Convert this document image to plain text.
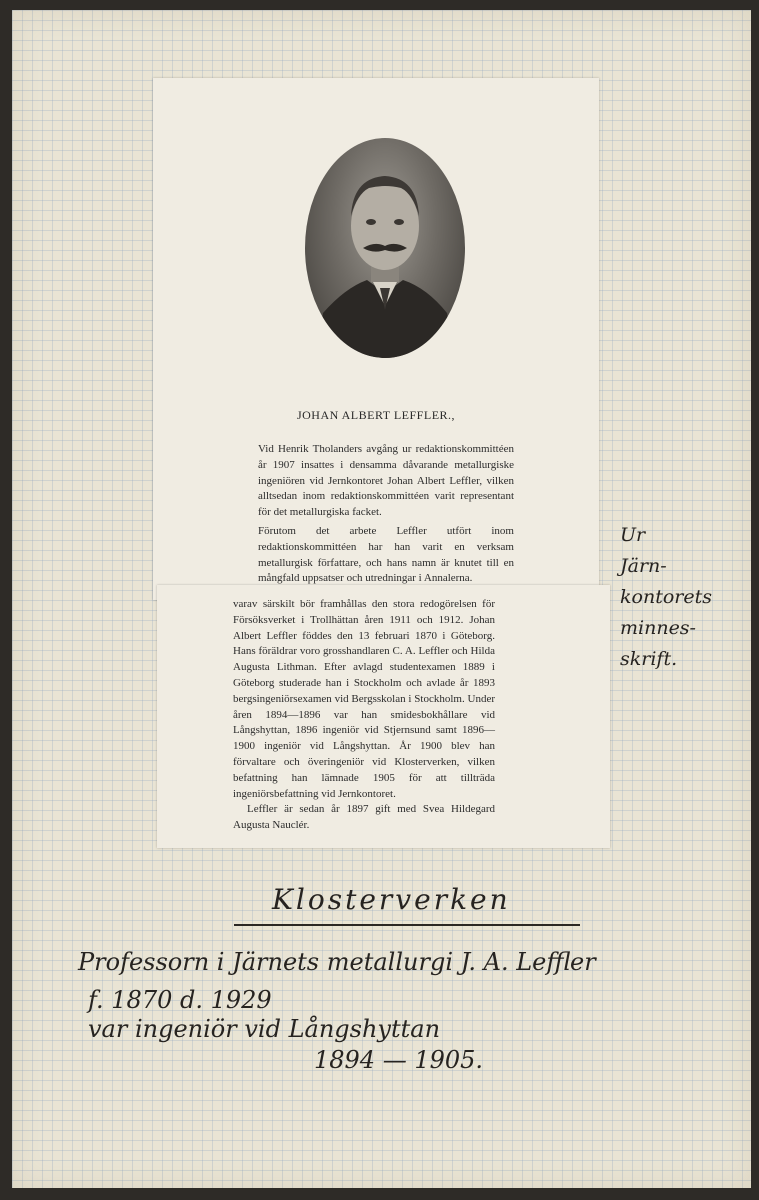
JOHAN ALBERT LEFFLER.,

Vid Henrik Tholanders avgång ur redaktionskommittéen år 1907 insattes i densamma dåvarande metallurgiske ingeniören vid Jernkontoret Johan Albert Leffler, vilken alltsedan inom redaktionskommittéen varit representant för det metallurgiska facket.

Förutom det arbete Leffler utfört inom redaktionskommittéen har han varit en verksam metallurgisk författare, och hans namn är knutet till en mångfald uppsatser och utredningar i Annalerna.

varav särskilt bör framhållas den stora redogörelsen för Försöksverket i Trollhättan åren 1911 och 1912. Johan Albert Leffler föddes den 13 februari 1870 i Göteborg. Hans föräldrar voro grosshandlaren C. A. Leffler och Hilda Augusta Lithman. Efter avlagd studentexamen 1889 i Göteborg studerade han i Stockholm och avlade år 1893 bergsingeniörsexamen vid Bergsskolan i Stockholm. Under åren 1894—1896 var han smidesbokhållare vid Långshyttan, 1896 ingeniör vid Stjernsund samt 1896—1900 ingeniör vid Långshyttan. År 1900 blev han förvaltare och överingeniör vid Klosterverken, vilken befattning han lämnade 1905 för att tillträda ingeniörsbefattning vid Jernkontoret.
Leffler är sedan år 1897 gift med Svea Hildegard Augusta Nauclér.

Ur
Järn-
kontorets
minnes-
skrift.
Klosterverken
Professorn i Järnets metallurgi J. A. Leffler
f. 1870 d. 1929
var ingeniör vid Långshyttan
1894 — 1905.
